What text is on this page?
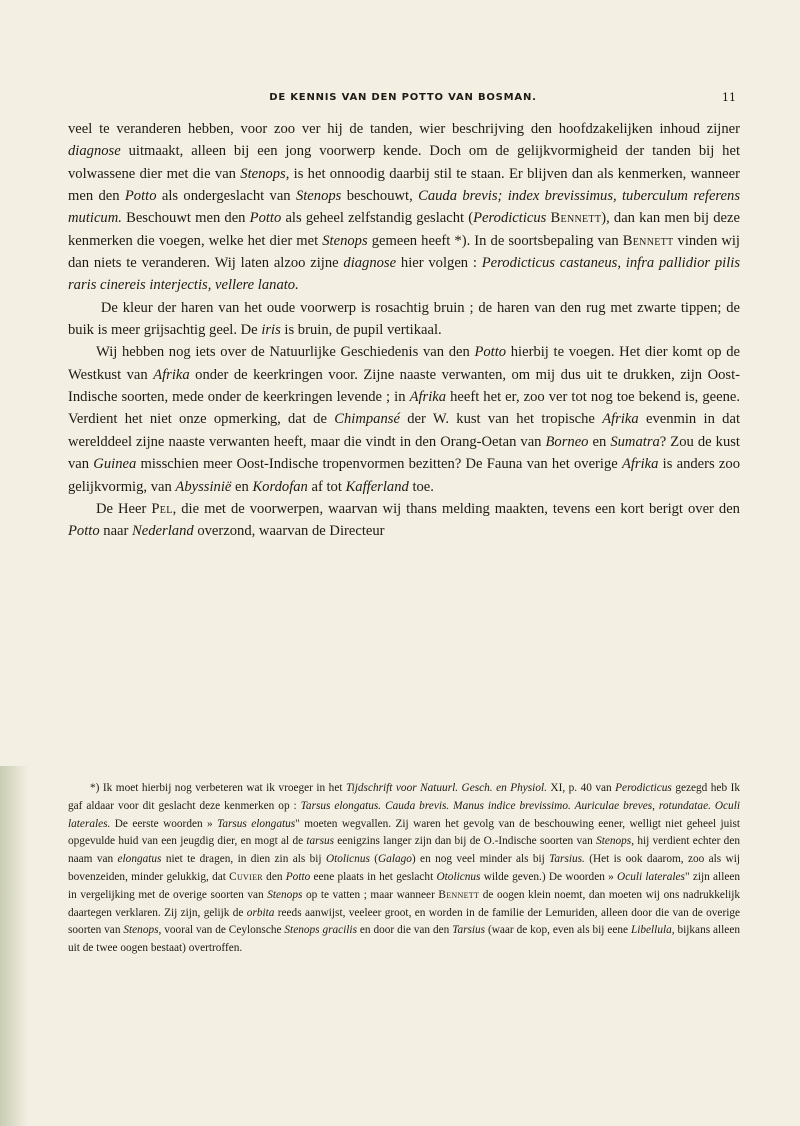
DE KENNIS VAN DEN POTTO VAN BOSMAN.	11

veel te veranderen hebben, voor zoo ver hij de tanden, wier beschrijving den hoofdzakelijken inhoud zijner diagnose uitmaakt, alleen bij een jong voorwerp kende. Doch om de gelijkvormigheid der tanden bij het volwassene dier met die van Stenops, is het onnoodig daarbij stil te staan. Er blijven dan als kenmerken, wanneer men den Potto als ondergeslacht van Stenops beschouwt, Cauda brevis; index brevissimus, tuberculum referens muticum. Beschouwt men den Potto als geheel zelfstandig geslacht (Perodicticus Bennett), dan kan men bij deze kenmerken die voegen, welke het dier met Stenops gemeen heeft *). In de soortsbepaling van Bennett vinden wij dan niets te veranderen. Wij laten alzoo zijne diagnose hier volgen : Perodicticus castaneus, infra pallidior pilis raris cinereis interjectis, vellere lanato.
De kleur der haren van het oude voorwerp is rosachtig bruin ; de haren van den rug met zwarte tippen; de buik is meer grijsachtig geel. De iris is bruin, de pupil vertikaal.

Wij hebben nog iets over de Natuurlijke Geschiedenis van den Potto hierbij te voegen. Het dier komt op de Westkust van Afrika onder de keerkringen voor. Zijne naaste verwanten, om mij dus uit te drukken, zijn Oost-Indische soorten, mede onder de keerkringen levende ; in Afrika heeft het er, zoo ver tot nog toe bekend is, geene. Verdient het niet onze opmerking, dat de Chimpansé der W. kust van het tropische Afrika evenmin in dat werelddeel zijne naaste verwanten heeft, maar die vindt in den Orang-Oetan van Borneo en Sumatra? Zou de kust van Guinea misschien meer Oost-Indische tropenvormen bezitten? De Fauna van het overige Afrika is anders zoo gelijkvormig, van Abyssinië en Kordofan af tot Kafferland toe.

De Heer Pel, die met de voorwerpen, waarvan wij thans melding maakten, tevens een kort berigt over den Potto naar Nederland overzond, waarvan de Directeur

*) Ik moet hierbij nog verbeteren wat ik vroeger in het Tijdschrift voor Natuurl. Gesch. en Physiol. XI, p. 40 van Perodicticus gezegd heb Ik gaf aldaar voor dit geslacht deze kenmerken op : Tarsus elongatus. Cauda brevis. Manus indice brevissimo. Auriculae breves, rotundatae. Oculi laterales. De eerste woorden » Tarsus elongatus" moeten wegvallen. Zij waren het gevolg van de beschouwing eener, welligt niet geheel juist opgevulde huid van een jeugdig dier, en mogt al de tarsus eenigzins langer zijn dan bij de O.-Indische soorten van Stenops, hij verdient echter den naam van elongatus niet te dragen, in dien zin als bij Otolicnus (Galago) en nog veel minder als bij Tarsius. (Het is ook daarom, zoo als wij bovenzeiden, minder gelukkig, dat Cuvier den Potto eene plaats in het geslacht Otolicnus wilde geven.) De woorden » Oculi laterales" zijn alleen in vergelijking met de overige soorten van Stenops op te vatten ; maar wanneer Bennett de oogen klein noemt, dan moeten wij ons nadrukkelijk daartegen verklaren. Zij zijn, gelijk de orbita reeds aanwijst, veeleer groot, en worden in de familie der Lemuriden, alleen door die van de overige soorten van Stenops, vooral van de Ceylonsche Stenops gracilis en door die van den Tarsius (waar de kop, even als bij eene Libellula, bijkans alleen uit de twee oogen bestaat) overtroffen.
